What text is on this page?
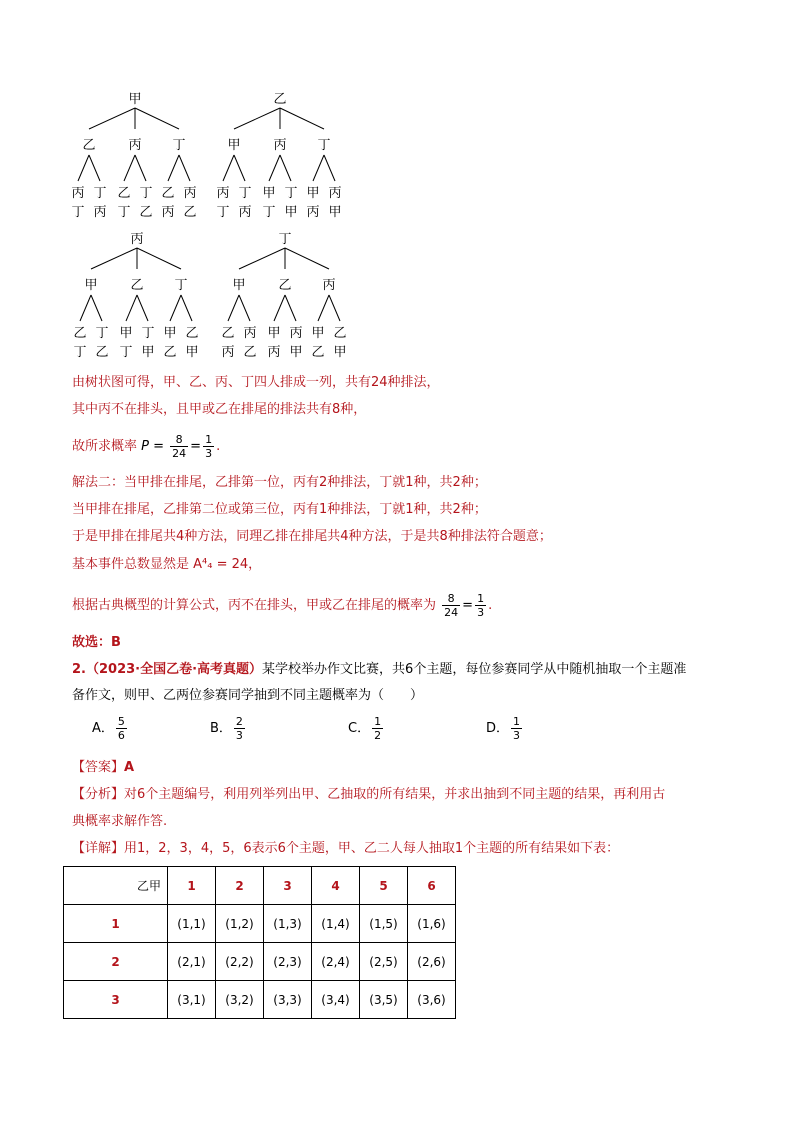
甲
乙
丙
丁
丁
丙
丙
乙
丁
丁
乙
丁
乙
丙
丙
乙
乙
甲
丙
丁
丁
丙
丙
甲
丁
丁
甲
丁
甲
丙
丙
甲
丙
甲
乙
丁
丁
乙
乙
甲
丁
丁
甲
丁
甲
乙
乙
甲
丁
甲
乙
丙
丙
乙
乙
甲
丙
丙
甲
丙
甲
乙
乙
甲
由树状图可得，甲、乙、丙、丁四人排成一列，共有24种排法，
其中丙不在排头，且甲或乙在排尾的排法共有8种，
故所求概率 $P = \frac{8}{24} = \frac{1}{3}$ .
解法二：当甲排在排尾，乙排第一位，丙有2种排法，丁就1种，共2种；
当甲排在排尾，乙排第二位或第三位，丙有1种排法，丁就1种，共2种；
于是甲排在排尾共4种方法，同理乙排在排尾共4种方法，于是共8种排法符合题意；
基本事件总数显然是 A⁴₄ = 24，
根据古典概型的计算公式，丙不在排头，甲或乙在排尾的概率为 $\frac{8}{24} = \frac{1}{3}$ .
故选：B
2.（2023·全国乙卷·高考真题）某学校举办作文比赛，共6个主题，每位参赛同学从中随机抽取一个主题准
备作文，则甲、乙两位参赛同学抽到不同主题概率为（　　）
A． $\frac{5}{6}$	B． $\frac{2}{3}$	C． $\frac{1}{2}$	D． $\frac{1}{3}$
【答案】A
【分析】对6个主题编号，利用列举列出甲、乙抽取的所有结果，并求出抽到不同主题的结果，再利用古
典概率求解作答.
【详解】用1，2，3，4，5，6表示6个主题，甲、乙二人每人抽取1个主题的所有结果如下表：
乙甲	1	2	3	4	5	6
1	(1,1)	(1,2)	(1,3)	(1,4)	(1,5)	(1,6)
2	(2,1)	(2,2)	(2,3)	(2,4)	(2,5)	(2,6)
3	(3,1)	(3,2)	(3,3)	(3,4)	(3,5)	(3,6)
